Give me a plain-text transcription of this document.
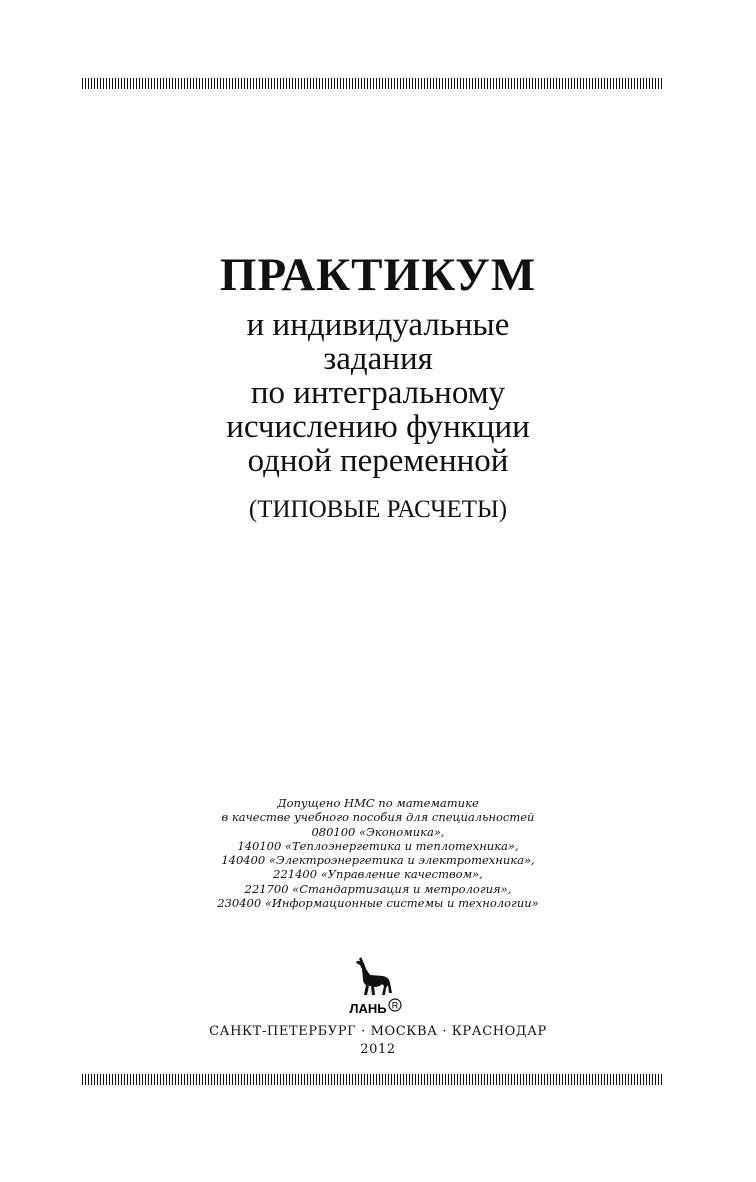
ПРАКТИКУМ
и индивидуальные
задания
по интегральному
исчислению функции
одной переменной
(ТИПОВЫЕ РАСЧЕТЫ)
Допущено НМС по математике
в качестве учебного пособия для специальностей
080100 «Экономика»,
140100 «Теплоэнергетика и теплотехника»,
140400 «Электроэнергетика и электротехника»,
221400 «Управление качеством»,
221700 «Стандартизация и метрология»,
230400 «Информационные системы и технологии»
ЛАНЬ R
САНКТ-ПЕТЕРБУРГ · МОСКВА · КРАСНОДАР
2012
